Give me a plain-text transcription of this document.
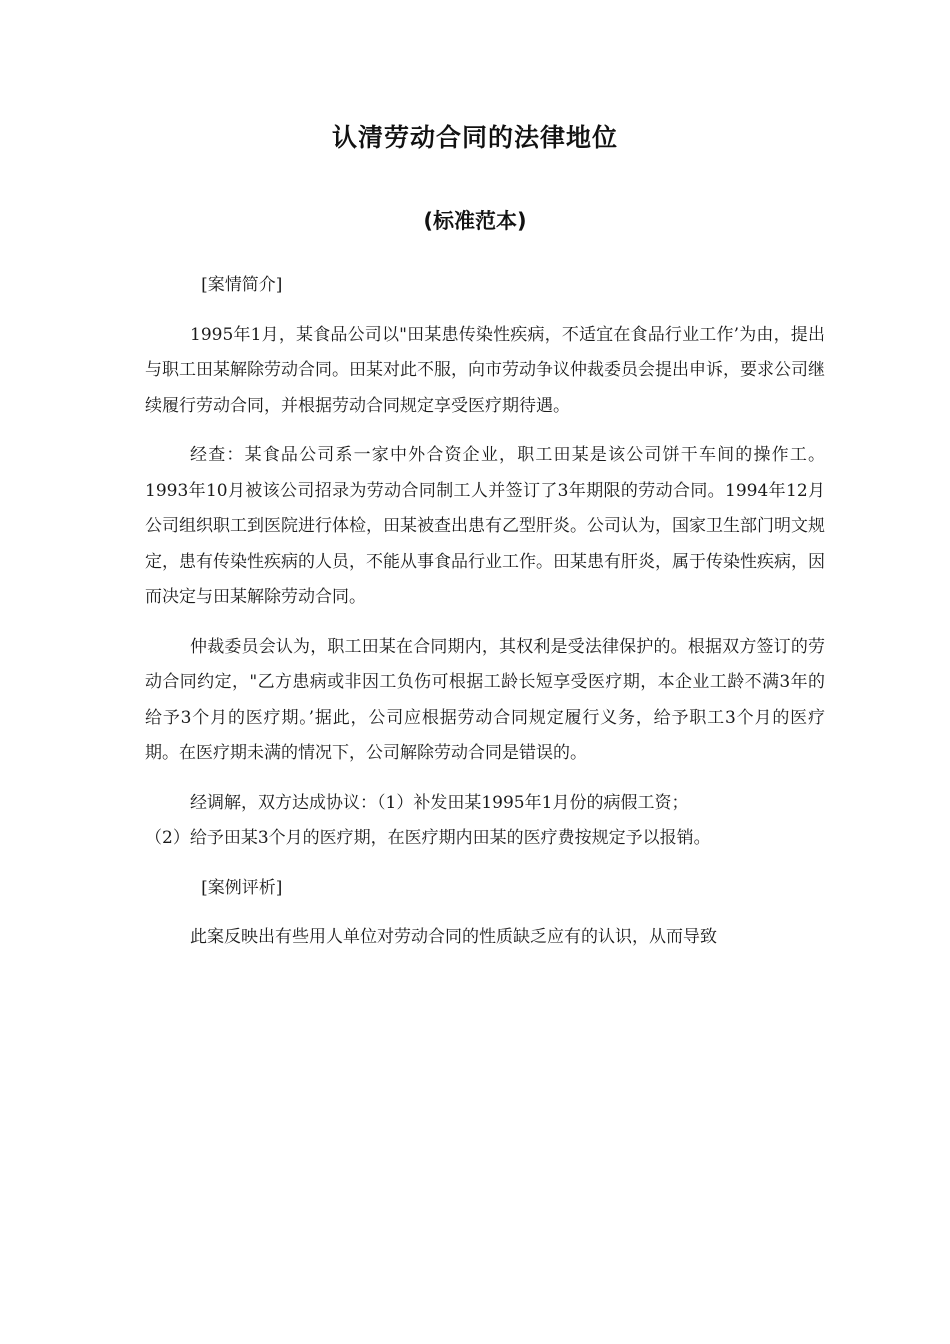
认清劳动合同的法律地位
(标准范本)

[案情简介]

1995年1月，某食品公司以"田某患传染性疾病，不适宜在食品行业工作’为由，提出与职工田某解除劳动合同。田某对此不服，向市劳动争议仲裁委员会提出申诉，要求公司继续履行劳动合同，并根据劳动合同规定享受医疗期待遇。

经查：某食品公司系一家中外合资企业，职工田某是该公司饼干车间的操作工。1993年10月被该公司招录为劳动合同制工人并签订了3年期限的劳动合同。1994年12月公司组织职工到医院进行体检，田某被查出患有乙型肝炎。公司认为，国家卫生部门明文规定，患有传染性疾病的人员，不能从事食品行业工作。田某患有肝炎，属于传染性疾病，因而决定与田某解除劳动合同。

仲裁委员会认为，职工田某在合同期内，其权利是受法律保护的。根据双方签订的劳动合同约定，"乙方患病或非因工负伤可根据工龄长短享受医疗期，本企业工龄不满3年的给予3个月的医疗期。’据此，公司应根据劳动合同规定履行义务，给予职工3个月的医疗期。在医疗期未满的情况下，公司解除劳动合同是错误的。

经调解，双方达成协议：（1）补发田某1995年1月份的病假工资；

（2）给予田某3个月的医疗期，在医疗期内田某的医疗费按规定予以报销。

[案例评析]

此案反映出有些用人单位对劳动合同的性质缺乏应有的认识，从而导致
